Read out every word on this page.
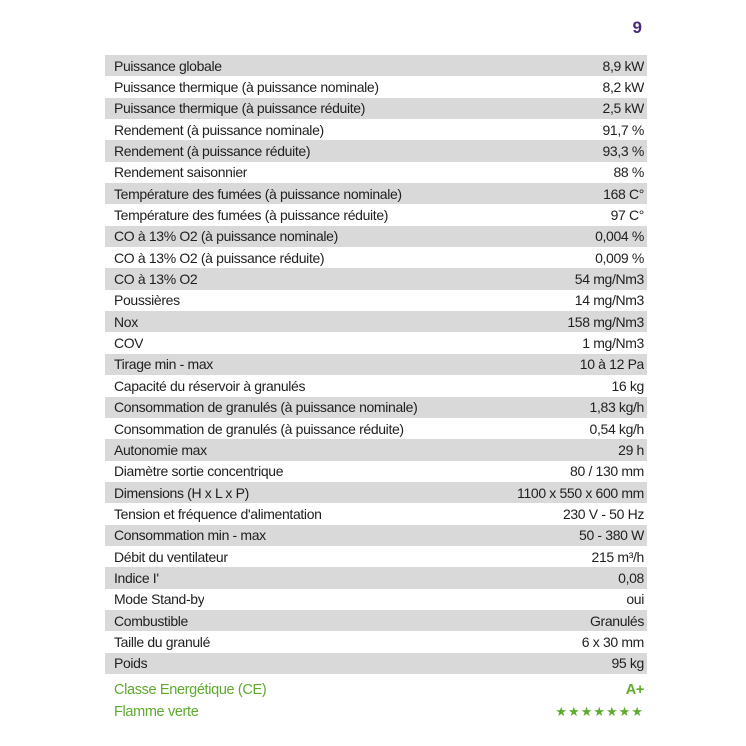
9
Puissance globale	8,9 kW
Puissance thermique (à puissance nominale)	8,2 kW
Puissance thermique (à puissance réduite)	2,5 kW
Rendement (à puissance nominale)	91,7 %
Rendement (à puissance réduite)	93,3 %
Rendement saisonnier	88 %
Température des fumées (à puissance nominale)	168 C°
Température des fumées (à puissance réduite)	97 C°
CO à 13% O2 (à puissance nominale)	0,004 %
CO à 13% O2 (à puissance réduite)	0,009 %
CO à 13% O2	54 mg/Nm3
Poussières	14 mg/Nm3
Nox	158 mg/Nm3
COV	1 mg/Nm3
Tirage min - max	10 à 12 Pa
Capacité du réservoir à granulés	16 kg
Consommation de granulés (à puissance nominale)	1,83 kg/h
Consommation de granulés (à puissance réduite)	0,54 kg/h
Autonomie max	29 h
Diamètre sortie concentrique	80 / 130 mm
Dimensions (H x L x P)	1100 x 550 x 600 mm
Tension et fréquence d'alimentation	230 V - 50 Hz
Consommation min - max	50 - 380 W
Débit du ventilateur	215 m³/h
Indice I'	0,08
Mode Stand-by	oui
Combustible	Granulés
Taille du granulé	6 x 30 mm
Poids	95 kg
Classe Energétique (CE)	A+
Flamme verte	★★★★★★★
